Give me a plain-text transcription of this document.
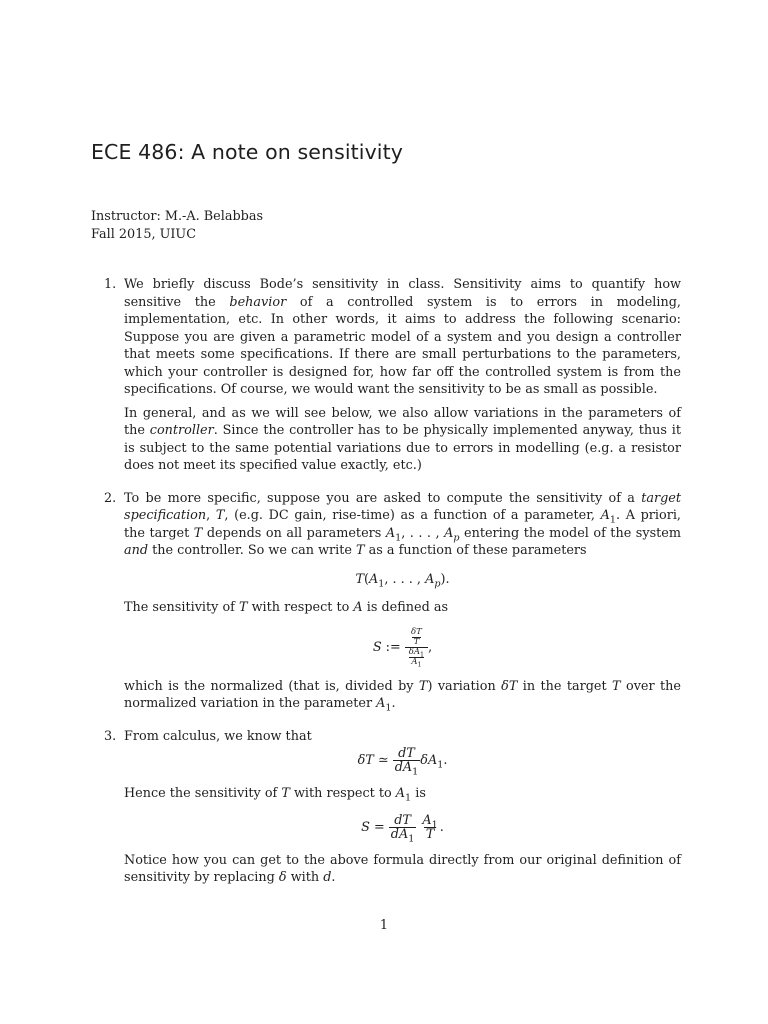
ECE 486: A note on sensitivity
Instructor: M.-A. Belabbas
Fall 2015, UIUC
1. We briefly discuss Bode’s sensitivity in class. Sensitivity aims to quantify how sensitive the behavior of a controlled system is to errors in modeling, implementation, etc. In other words, it aims to address the following scenario: Suppose you are given a parametric model of a system and you design a controller that meets some specifications. If there are small perturbations to the parameters, which your controller is designed for, how far off the controlled system is from the specifications. Of course, we would want the sensitivity to be as small as possible.

In general, and as we will see below, we also allow variations in the parameters of the controller. Since the controller has to be physically implemented anyway, thus it is subject to the same potential variations due to errors in modelling (e.g. a resistor does not meet its specified value exactly, etc.)

2. To be more specific, suppose you are asked to compute the sensitivity of a target specification, T, (e.g. DC gain, rise-time) as a function of a parameter, $A_1$. A priori, the target T depends on all parameters $A_1$, . . . , $A_p$ entering the model of the system and the controller. So we can write T as a function of these parameters

$T(A_1$, . . . , $A_p$).

The sensitivity of T with respect to A is defined as

S := $\frac{\frac{\delta T}{T}}{\frac{\delta A_1}{A_1}}$ ,

which is the normalized (that is, divided by T) variation δT in the target T over the normalized variation in the parameter $A_1$.

3. From calculus, we know that

δT ≃ $\frac{dT}{dA_1} \delta A_1$.

Hence the sensitivity of T with respect to $A_1$ is

$S = \frac{dT}{dA_1}$
$\frac{A_1}{T}$ .

Notice how you can get to the above formula directly from our original definition of sensitivity by replacing δ with d.

1
